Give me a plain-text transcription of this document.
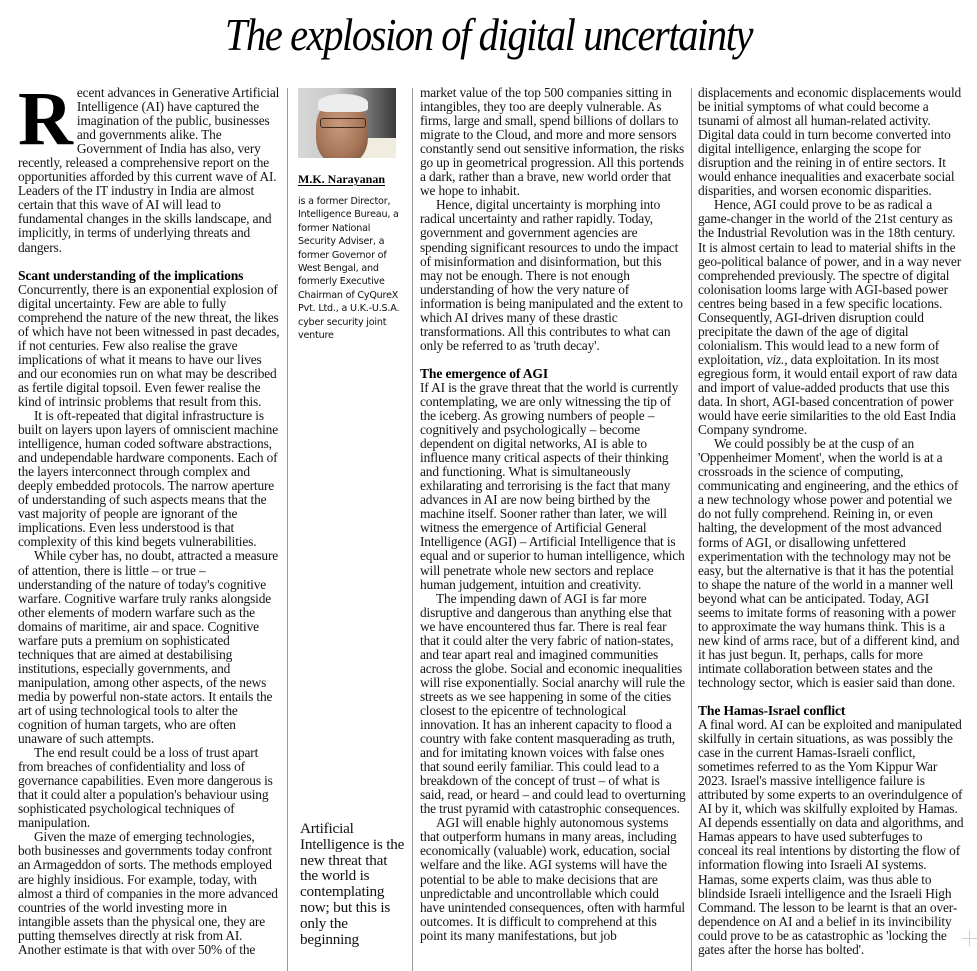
The explosion of digital uncertainty

Recent advances in Generative Artificial Intelligence (AI) have captured the imagination of the public, businesses and governments alike. The Government of India has also, very recently, released a comprehensive report on the opportunities afforded by this current wave of AI. Leaders of the IT industry in India are almost certain that this wave of AI will lead to fundamental changes in the skills landscape, and implicitly, in terms of underlying threats and dangers.

Scant understanding of the implications

Concurrently, there is an exponential explosion of digital uncertainty. Few are able to fully comprehend the nature of the new threat, the likes of which have not been witnessed in past decades, if not centuries. Few also realise the grave implications of what it means to have our lives and our economies run on what may be described as fertile digital topsoil. Even fewer realise the kind of intrinsic problems that result from this.

It is oft-repeated that digital infrastructure is built on layers upon layers of omniscient machine intelligence, human coded software abstractions, and undependable hardware components. Each of the layers interconnect through complex and deeply embedded protocols. The narrow aperture of understanding of such aspects means that the vast majority of people are ignorant of the implications. Even less understood is that complexity of this kind begets vulnerabilities.

While cyber has, no doubt, attracted a measure of attention, there is little – or true – understanding of the nature of today's cognitive warfare. Cognitive warfare truly ranks alongside other elements of modern warfare such as the domains of maritime, air and space. Cognitive warfare puts a premium on sophisticated techniques that are aimed at destabilising institutions, especially governments, and manipulation, among other aspects, of the news media by powerful non-state actors. It entails the art of using technological tools to alter the cognition of human targets, who are often unaware of such attempts.

The end result could be a loss of trust apart from breaches of confidentiality and loss of governance capabilities. Even more dangerous is that it could alter a population's behaviour using sophisticated psychological techniques of manipulation.

Given the maze of emerging technologies, both businesses and governments today confront an Armageddon of sorts. The methods employed are highly insidious. For example, today, with almost a third of companies in the more advanced countries of the world investing more in intangible assets than the physical one, they are putting themselves directly at risk from AI. Another estimate is that with over 50% of the

M.K. Narayanan
is a former Director, Intelligence Bureau, a former National Security Adviser, a former Governor of West Bengal, and formerly Executive Chairman of CyQureX Pvt. Ltd., a U.K.-U.S.A. cyber security joint venture
Artificial Intelligence is the new threat that the world is contemplating now; but this is only the beginning

market value of the top 500 companies sitting in intangibles, they too are deeply vulnerable. As firms, large and small, spend billions of dollars to migrate to the Cloud, and more and more sensors constantly send out sensitive information, the risks go up in geometrical progression. All this portends a dark, rather than a brave, new world order that we hope to inhabit.

Hence, digital uncertainty is morphing into radical uncertainty and rather rapidly. Today, government and government agencies are spending significant resources to undo the impact of misinformation and disinformation, but this may not be enough. There is not enough understanding of how the very nature of information is being manipulated and the extent to which AI drives many of these drastic transformations. All this contributes to what can only be referred to as 'truth decay'.

The emergence of AGI

If AI is the grave threat that the world is currently contemplating, we are only witnessing the tip of the iceberg. As growing numbers of people – cognitively and psychologically – become dependent on digital networks, AI is able to influence many critical aspects of their thinking and functioning. What is simultaneously exhilarating and terrorising is the fact that many advances in AI are now being birthed by the machine itself. Sooner rather than later, we will witness the emergence of Artificial General Intelligence (AGI) – Artificial Intelligence that is equal and or superior to human intelligence, which will penetrate whole new sectors and replace human judgement, intuition and creativity.

The impending dawn of AGI is far more disruptive and dangerous than anything else that we have encountered thus far. There is real fear that it could alter the very fabric of nation-states, and tear apart real and imagined communities across the globe. Social and economic inequalities will rise exponentially. Social anarchy will rule the streets as we see happening in some of the cities closest to the epicentre of technological innovation. It has an inherent capacity to flood a country with fake content masquerading as truth, and for imitating known voices with false ones that sound eerily familiar. This could lead to a breakdown of the concept of trust – of what is said, read, or heard – and could lead to overturning the trust pyramid with catastrophic consequences.

AGI will enable highly autonomous systems that outperform humans in many areas, including economically (valuable) work, education, social welfare and the like. AGI systems will have the potential to be able to make decisions that are unpredictable and uncontrollable which could have unintended consequences, often with harmful outcomes. It is difficult to comprehend at this point its many manifestations, but job

displacements and economic displacements would be initial symptoms of what could become a tsunami of almost all human-related activity. Digital data could in turn become converted into digital intelligence, enlarging the scope for disruption and the reining in of entire sectors. It would enhance inequalities and exacerbate social disparities, and worsen economic disparities.

Hence, AGI could prove to be as radical a game-changer in the world of the 21st century as the Industrial Revolution was in the 18th century. It is almost certain to lead to material shifts in the geo-political balance of power, and in a way never comprehended previously. The spectre of digital colonisation looms large with AGI-based power centres being based in a few specific locations. Consequently, AGI-driven disruption could precipitate the dawn of the age of digital colonialism. This would lead to a new form of exploitation, viz., data exploitation. In its most egregious form, it would entail export of raw data and import of value-added products that use this data. In short, AGI-based concentration of power would have eerie similarities to the old East India Company syndrome.

We could possibly be at the cusp of an 'Oppenheimer Moment', when the world is at a crossroads in the science of computing, communicating and engineering, and the ethics of a new technology whose power and potential we do not fully comprehend. Reining in, or even halting, the development of the most advanced forms of AGI, or disallowing unfettered experimentation with the technology may not be easy, but the alternative is that it has the potential to shape the nature of the world in a manner well beyond what can be anticipated. Today, AGI seems to imitate forms of reasoning with a power to approximate the way humans think. This is a new kind of arms race, but of a different kind, and it has just begun. It, perhaps, calls for more intimate collaboration between states and the technology sector, which is easier said than done.

The Hamas-Israel conflict

A final word. AI can be exploited and manipulated skilfully in certain situations, as was possibly the case in the current Hamas-Israeli conflict, sometimes referred to as the Yom Kippur War 2023. Israel's massive intelligence failure is attributed by some experts to an overindulgence of AI by it, which was skilfully exploited by Hamas. AI depends essentially on data and algorithms, and Hamas appears to have used subterfuges to conceal its real intentions by distorting the flow of information flowing into Israeli AI systems. Hamas, some experts claim, was thus able to blindside Israeli intelligence and the Israeli High Command. The lesson to be learnt is that an over-dependence on AI and a belief in its invincibility could prove to be as catastrophic as 'locking the gates after the horse has bolted'.
